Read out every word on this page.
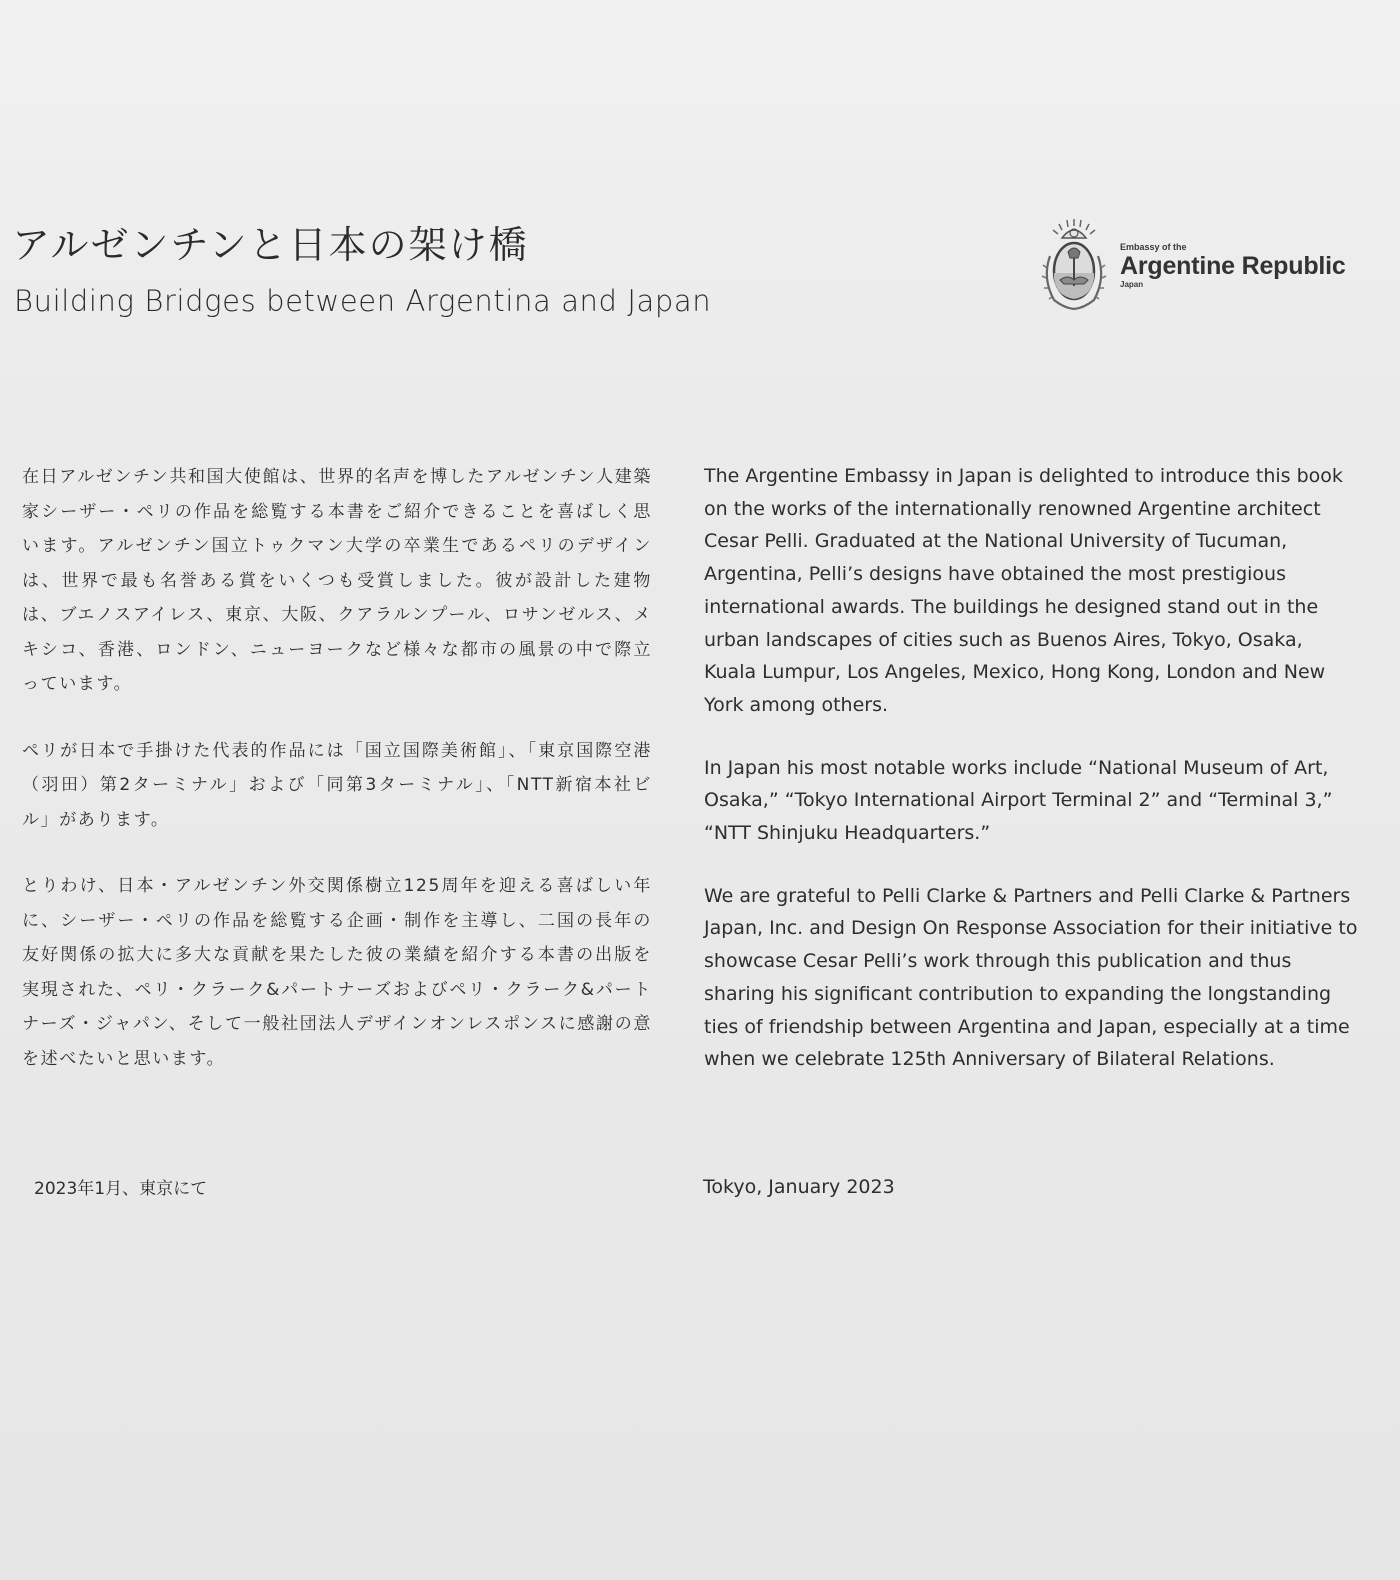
アルゼンチンと日本の架け橋
Building Bridges between Argentina and Japan
Embassy of the
Argentine Republic
Japan

在日アルゼンチン共和国大使館は、世界的名声を博したアルゼンチン人建築家シーザー・ペリの作品を総覧する本書をご紹介できることを喜ばしく思います。アルゼンチン国立トゥクマン大学の卒業生であるペリのデザインは、世界で最も名誉ある賞をいくつも受賞しました。彼が設計した建物は、ブエノスアイレス、東京、大阪、クアラルンプール、ロサンゼルス、メキシコ、香港、ロンドン、ニューヨークなど様々な都市の風景の中で際立っています。

ペリが日本で手掛けた代表的作品には「国立国際美術館」、「東京国際空港（羽田）第2ターミナル」および「同第3ターミナル」、「NTT新宿本社ビル」があります。

とりわけ、日本・アルゼンチン外交関係樹立125周年を迎える喜ばしい年に、シーザー・ペリの作品を総覧する企画・制作を主導し、二国の長年の友好関係の拡大に多大な貢献を果たした彼の業績を紹介する本書の出版を実現された、ペリ・クラーク&パートナーズおよびペリ・クラーク&パートナーズ・ジャパン、そして一般社団法人デザインオンレスポンスに感謝の意を述べたいと思います。

The Argentine Embassy in Japan is delighted to introduce this book on the works of the internationally renowned Argentine architect Cesar Pelli. Graduated at the National University of Tucuman, Argentina, Pelli’s designs have obtained the most prestigious international awards. The buildings he designed stand out in the urban landscapes of cities such as Buenos Aires, Tokyo, Osaka, Kuala Lumpur, Los Angeles, Mexico, Hong Kong, London and New York among others.

In Japan his most notable works include “National Museum of Art, Osaka,” “Tokyo International Airport Terminal 2” and “Terminal 3,” “NTT Shinjuku Headquarters.”

We are grateful to Pelli Clarke & Partners and Pelli Clarke & Partners Japan, Inc. and Design On Response Association for their initiative to showcase Cesar Pelli’s work through this publication and thus sharing his significant contribution to expanding the longstanding ties of friendship between Argentina and Japan, especially at a time when we celebrate 125th Anniversary of Bilateral Relations.

2023年1月、東京にて	Tokyo, January 2023
